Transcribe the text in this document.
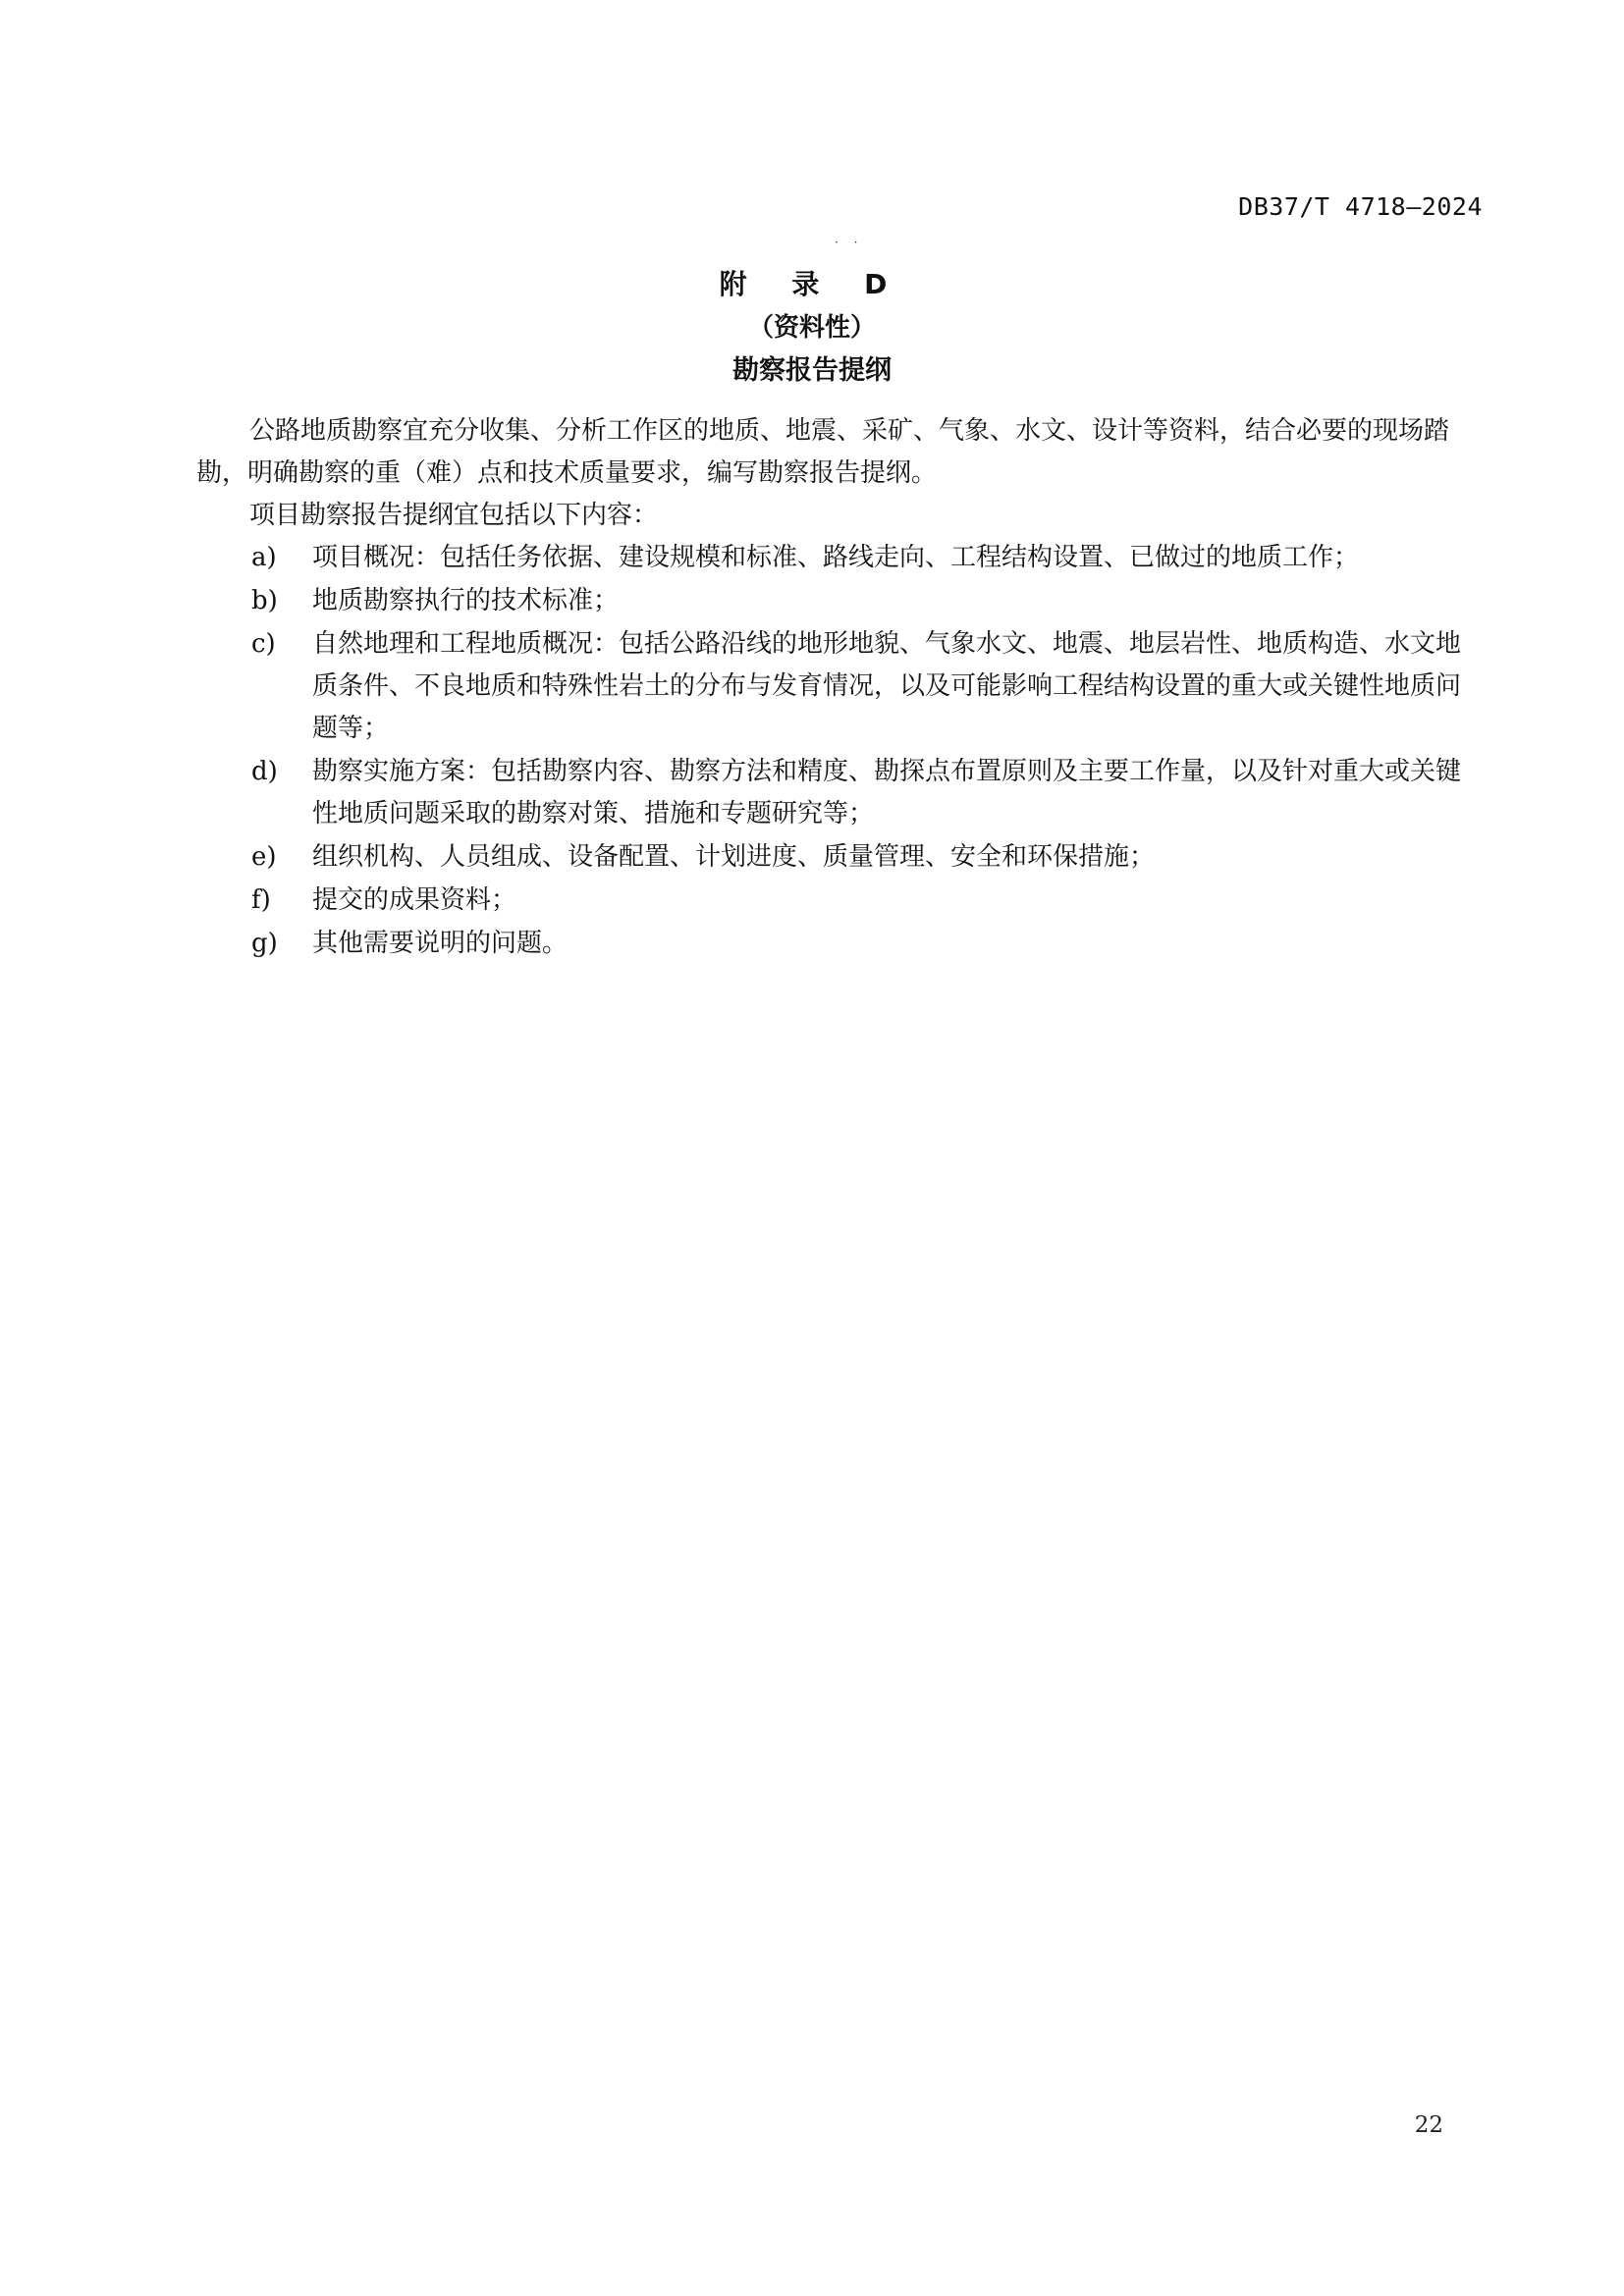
DB37/T 4718—2024
· ·
附 录 D
（资料性）
勘察报告提纲

公路地质勘察宜充分收集、分析工作区的地质、地震、采矿、气象、水文、设计等资料，结合必要的现场踏勘，明确勘察的重（难）点和技术质量要求，编写勘察报告提纲。

项目勘察报告提纲宜包括以下内容：

a)	项目概况：包括任务依据、建设规模和标准、路线走向、工程结构设置、已做过的地质工作；
b)	地质勘察执行的技术标准；
c)	自然地理和工程地质概况：包括公路沿线的地形地貌、气象水文、地震、地层岩性、地质构造、水文地质条件、不良地质和特殊性岩土的分布与发育情况，以及可能影响工程结构设置的重大或关键性地质问题等；
d)	勘察实施方案：包括勘察内容、勘察方法和精度、勘探点布置原则及主要工作量，以及针对重大或关键性地质问题采取的勘察对策、措施和专题研究等；
e)	组织机构、人员组成、设备配置、计划进度、质量管理、安全和环保措施；
f)	提交的成果资料；
g)	其他需要说明的问题。
22
